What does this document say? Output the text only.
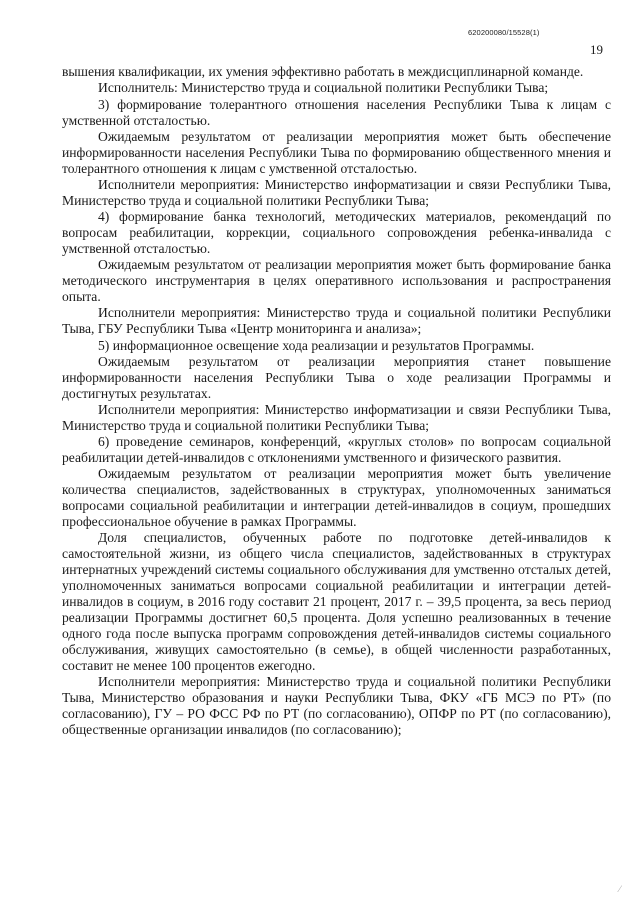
620200080/15528(1)
19

вышения квалификации, их умения эффективно работать в междисциплинарной команде.

Исполнитель: Министерство труда и социальной политики Республики Тыва;

3) формирование толерантного отношения населения Республики Тыва к лицам с умственной отсталостью.

Ожидаемым результатом от реализации мероприятия может быть обеспечение информированности населения Республики Тыва по формированию общественного мнения и толерантного отношения к лицам с умственной отсталостью.

Исполнители мероприятия: Министерство информатизации и связи Республики Тыва, Министерство труда и социальной политики Республики Тыва;

4) формирование банка технологий, методических материалов, рекомендаций по вопросам реабилитации, коррекции, социального сопровождения ребенка-инвалида с умственной отсталостью.

Ожидаемым результатом от реализации мероприятия может быть формирование банка методического инструментария в целях оперативного использования и распространения опыта.

Исполнители мероприятия: Министерство труда и социальной политики Республики Тыва, ГБУ Республики Тыва «Центр мониторинга и анализа»;

5) информационное освещение хода реализации и результатов Программы.

Ожидаемым результатом от реализации мероприятия станет повышение информированности населения Республики Тыва о ходе реализации Программы и достигнутых результатах.

Исполнители мероприятия: Министерство информатизации и связи Республики Тыва, Министерство труда и социальной политики Республики Тыва;

6) проведение семинаров, конференций, «круглых столов» по вопросам социальной реабилитации детей-инвалидов с отклонениями умственного и физического развития.

Ожидаемым результатом от реализации мероприятия может быть увеличение количества специалистов, задействованных в структурах, уполномоченных заниматься вопросами социальной реабилитации и интеграции детей-инвалидов в социум, прошедших профессиональное обучение в рамках Программы.

Доля специалистов, обученных работе по подготовке детей-инвалидов к самостоятельной жизни, из общего числа специалистов, задействованных в структурах интернатных учреждений системы социального обслуживания для умственно отсталых детей, уполномоченных заниматься вопросами социальной реабилитации и интеграции детей-инвалидов в социум, в 2016 году составит 21 процент, 2017 г. – 39,5 процента, за весь период реализации Программы достигнет 60,5 процента. Доля успешно реализованных в течение одного года после выпуска программ сопровождения детей-инвалидов системы социального обслуживания, живущих самостоятельно (в семье), в общей численности разработанных, составит не менее 100 процентов ежегодно.

Исполнители мероприятия: Министерство труда и социальной политики Республики Тыва, Министерство образования и науки Республики Тыва, ФКУ «ГБ МСЭ по РТ» (по согласованию), ГУ – РО ФСС РФ по РТ (по согласованию), ОПФР по РТ (по согласованию), общественные организации инвалидов (по согласованию);

⁄
